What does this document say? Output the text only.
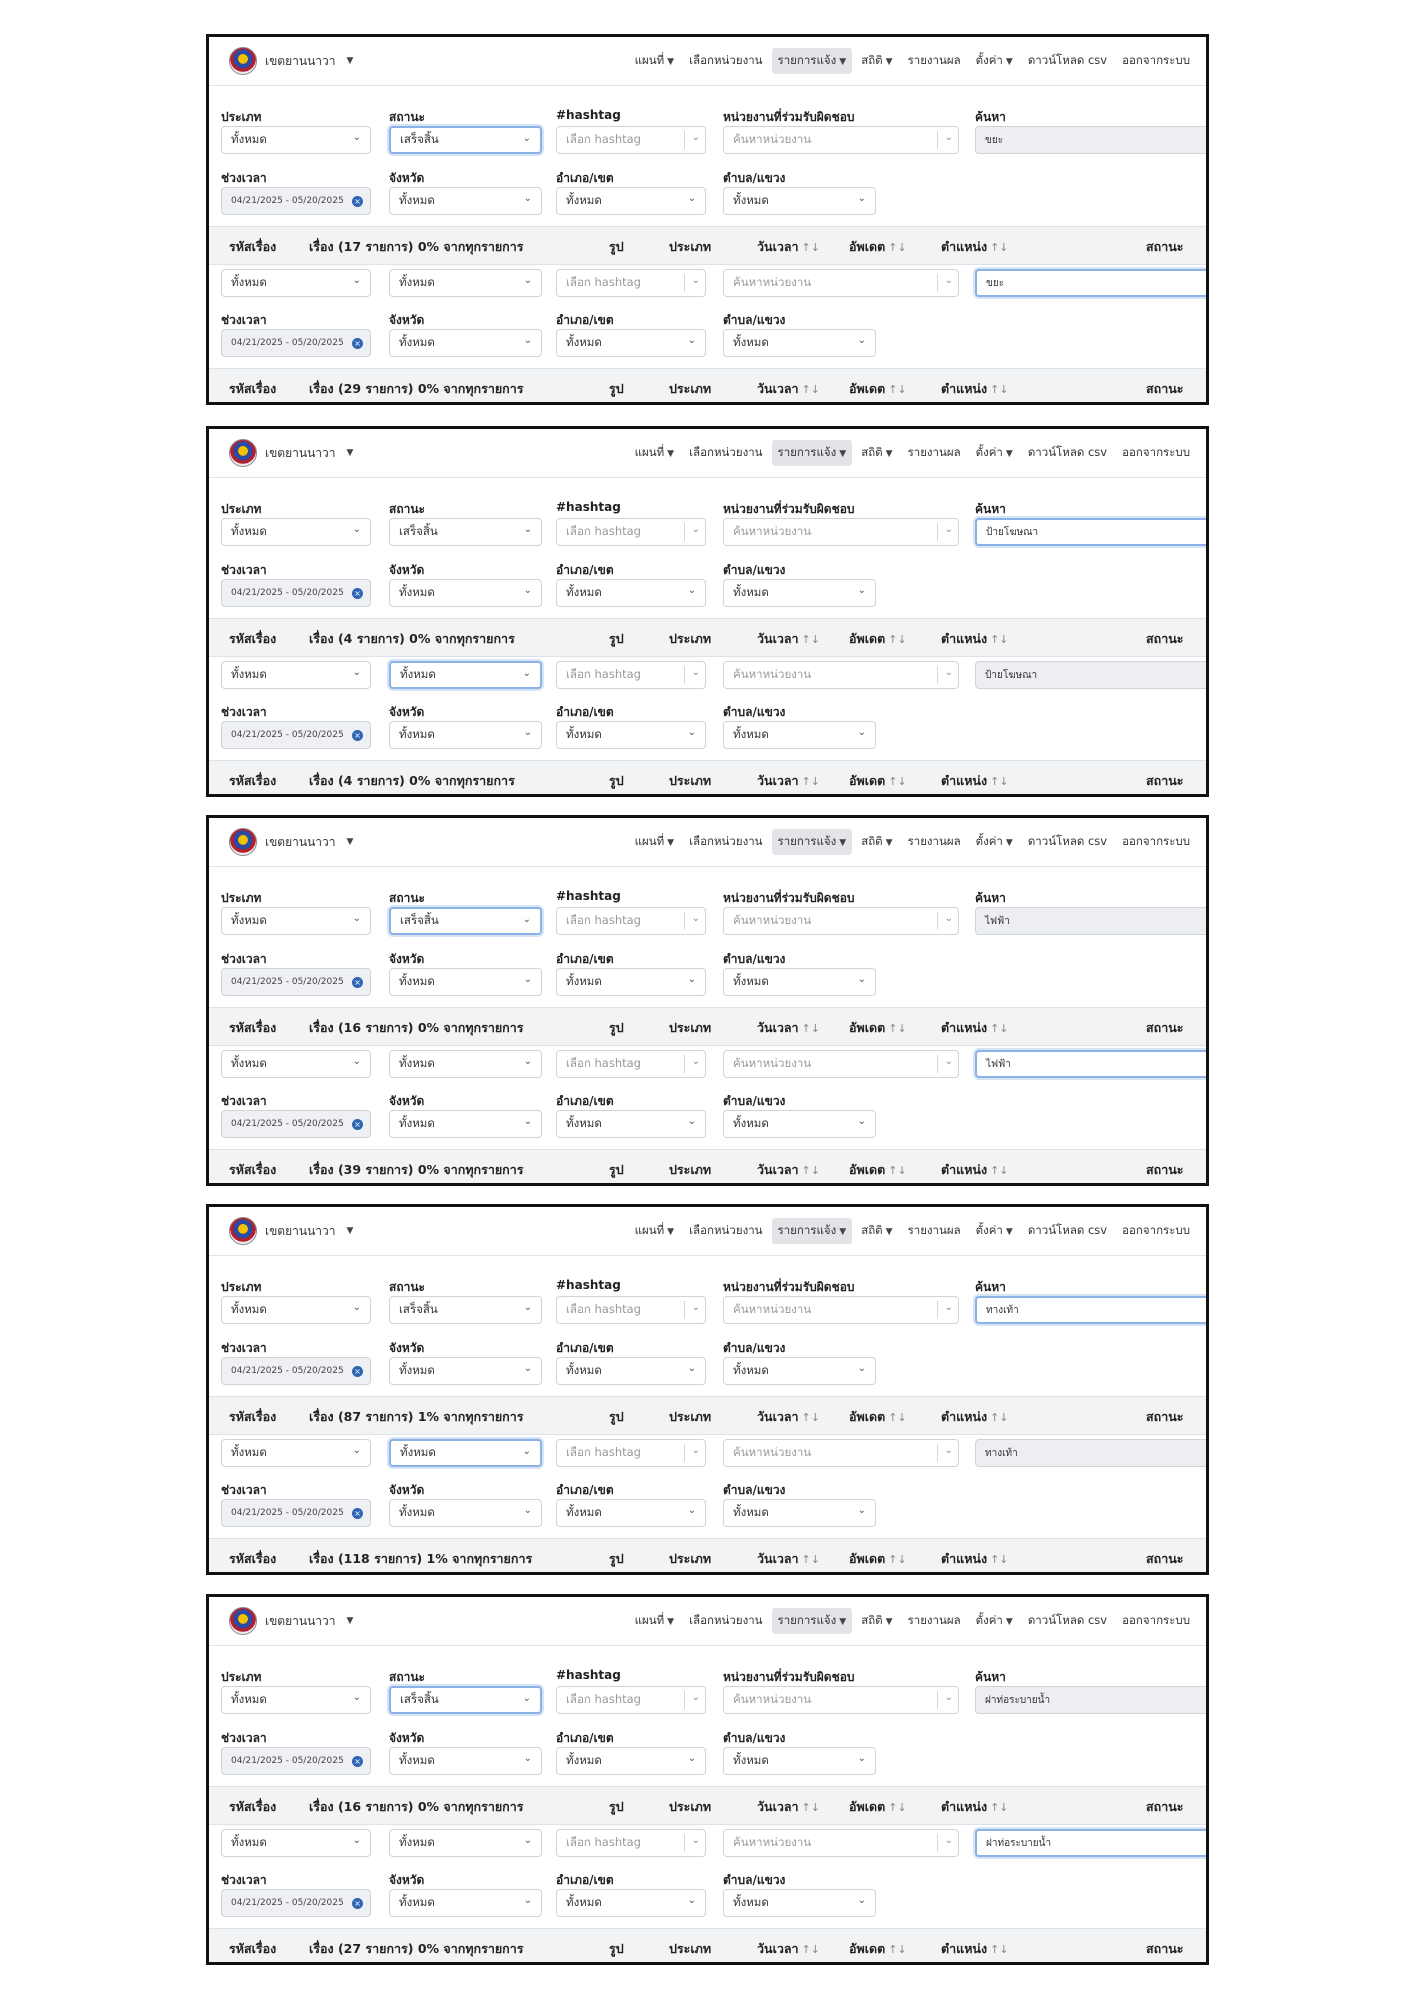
เขตยานนาวา ▼	แผนที่ ▼	เลือกหน่วยงาน	รายการแจ้ง ▼	สถิติ ▼	รายงานผล	ตั้งค่า ▼	ดาวน์โหลด csv	ออกจากระบบ
ประเภท	สถานะ	#hashtag	หน่วยงานที่ร่วมรับผิดชอบ	ค้นหา
ทั้งหมด	⌄	เสร็จสิ้น	⌄	เลือก hashtag	⌄	ค้นหาหน่วยงาน	⌄	ขยะ
ช่วงเวลา	จังหวัด	อำเภอ/เขต	ตำบล/แขวง
04/21/2025 - 05/20/2025 ×	ทั้งหมด	⌄	ทั้งหมด	⌄	ทั้งหมด	⌄
รหัสเรื่อง	เรื่อง (17 รายการ) 0% จากทุกรายการ	รูป	ประเภท	วันเวลา ↑↓ อัพเดต ↑↓	ตำแหน่ง ↑↓	สถานะ
ทั้งหมด	⌄	ทั้งหมด	⌄	เลือก hashtag	⌄	ค้นหาหน่วยงาน	⌄	ขยะ
ช่วงเวลา	จังหวัด	อำเภอ/เขต	ตำบล/แขวง
04/21/2025 - 05/20/2025 ×	ทั้งหมด	⌄	ทั้งหมด	⌄	ทั้งหมด	⌄
รหัสเรื่อง	เรื่อง (29 รายการ) 0% จากทุกรายการ	รูป	ประเภท	วันเวลา ↑↓ อัพเดต ↑↓	ตำแหน่ง ↑↓	สถานะ
เขตยานนาวา ▼	แผนที่ ▼	เลือกหน่วยงาน	รายการแจ้ง ▼	สถิติ ▼	รายงานผล	ตั้งค่า ▼	ดาวน์โหลด csv	ออกจากระบบ
ประเภท	สถานะ	#hashtag	หน่วยงานที่ร่วมรับผิดชอบ	ค้นหา
ทั้งหมด	⌄	เสร็จสิ้น	⌄	เลือก hashtag	⌄	ค้นหาหน่วยงาน	⌄	ป้ายโฆษณา
ช่วงเวลา	จังหวัด	อำเภอ/เขต	ตำบล/แขวง
04/21/2025 - 05/20/2025 ×	ทั้งหมด	⌄	ทั้งหมด	⌄	ทั้งหมด	⌄
รหัสเรื่อง	เรื่อง (4 รายการ) 0% จากทุกรายการ	รูป	ประเภท	วันเวลา ↑↓ อัพเดต ↑↓	ตำแหน่ง ↑↓	สถานะ
ทั้งหมด	⌄	ทั้งหมด	⌄	เลือก hashtag	⌄	ค้นหาหน่วยงาน	⌄	ป้ายโฆษณา
ช่วงเวลา	จังหวัด	อำเภอ/เขต	ตำบล/แขวง
04/21/2025 - 05/20/2025 ×	ทั้งหมด	⌄	ทั้งหมด	⌄	ทั้งหมด	⌄
รหัสเรื่อง	เรื่อง (4 รายการ) 0% จากทุกรายการ	รูป	ประเภท	วันเวลา ↑↓ อัพเดต ↑↓	ตำแหน่ง ↑↓	สถานะ
เขตยานนาวา ▼	แผนที่ ▼	เลือกหน่วยงาน	รายการแจ้ง ▼	สถิติ ▼	รายงานผล	ตั้งค่า ▼	ดาวน์โหลด csv	ออกจากระบบ
ประเภท	สถานะ	#hashtag	หน่วยงานที่ร่วมรับผิดชอบ	ค้นหา
ทั้งหมด	⌄	เสร็จสิ้น	⌄	เลือก hashtag	⌄	ค้นหาหน่วยงาน	⌄	ไฟฟ้า
ช่วงเวลา	จังหวัด	อำเภอ/เขต	ตำบล/แขวง
04/21/2025 - 05/20/2025 ×	ทั้งหมด	⌄	ทั้งหมด	⌄	ทั้งหมด	⌄
รหัสเรื่อง	เรื่อง (16 รายการ) 0% จากทุกรายการ	รูป	ประเภท	วันเวลา ↑↓ อัพเดต ↑↓	ตำแหน่ง ↑↓	สถานะ
ทั้งหมด	⌄	ทั้งหมด	⌄	เลือก hashtag	⌄	ค้นหาหน่วยงาน	⌄	ไฟฟ้า
ช่วงเวลา	จังหวัด	อำเภอ/เขต	ตำบล/แขวง
04/21/2025 - 05/20/2025 ×	ทั้งหมด	⌄	ทั้งหมด	⌄	ทั้งหมด	⌄
รหัสเรื่อง	เรื่อง (39 รายการ) 0% จากทุกรายการ	รูป	ประเภท	วันเวลา ↑↓ อัพเดต ↑↓	ตำแหน่ง ↑↓	สถานะ
เขตยานนาวา ▼	แผนที่ ▼	เลือกหน่วยงาน	รายการแจ้ง ▼	สถิติ ▼	รายงานผล	ตั้งค่า ▼	ดาวน์โหลด csv	ออกจากระบบ
ประเภท	สถานะ	#hashtag	หน่วยงานที่ร่วมรับผิดชอบ	ค้นหา
ทั้งหมด	⌄	เสร็จสิ้น	⌄	เลือก hashtag	⌄	ค้นหาหน่วยงาน	⌄	ทางเท้า
ช่วงเวลา	จังหวัด	อำเภอ/เขต	ตำบล/แขวง
04/21/2025 - 05/20/2025 ×	ทั้งหมด	⌄	ทั้งหมด	⌄	ทั้งหมด	⌄
รหัสเรื่อง	เรื่อง (87 รายการ) 1% จากทุกรายการ	รูป	ประเภท	วันเวลา ↑↓ อัพเดต ↑↓	ตำแหน่ง ↑↓	สถานะ
ทั้งหมด	⌄	ทั้งหมด	⌄	เลือก hashtag	⌄	ค้นหาหน่วยงาน	⌄	ทางเท้า
ช่วงเวลา	จังหวัด	อำเภอ/เขต	ตำบล/แขวง
04/21/2025 - 05/20/2025 ×	ทั้งหมด	⌄	ทั้งหมด	⌄	ทั้งหมด	⌄
รหัสเรื่อง	เรื่อง (118 รายการ) 1% จากทุกรายการ	รูป	ประเภท	วันเวลา ↑↓ อัพเดต ↑↓	ตำแหน่ง ↑↓	สถานะ
เขตยานนาวา ▼	แผนที่ ▼	เลือกหน่วยงาน	รายการแจ้ง ▼	สถิติ ▼	รายงานผล	ตั้งค่า ▼	ดาวน์โหลด csv	ออกจากระบบ
ประเภท	สถานะ	#hashtag	หน่วยงานที่ร่วมรับผิดชอบ	ค้นหา
ทั้งหมด	⌄	เสร็จสิ้น	⌄	เลือก hashtag	⌄	ค้นหาหน่วยงาน	⌄	ฝาท่อระบายน้ำ
ช่วงเวลา	จังหวัด	อำเภอ/เขต	ตำบล/แขวง
04/21/2025 - 05/20/2025 ×	ทั้งหมด	⌄	ทั้งหมด	⌄	ทั้งหมด	⌄
รหัสเรื่อง	เรื่อง (16 รายการ) 0% จากทุกรายการ	รูป	ประเภท	วันเวลา ↑↓ อัพเดต ↑↓	ตำแหน่ง ↑↓	สถานะ
ทั้งหมด	⌄	ทั้งหมด	⌄	เลือก hashtag	⌄	ค้นหาหน่วยงาน	⌄	ฝาท่อระบายน้ำ
ช่วงเวลา	จังหวัด	อำเภอ/เขต	ตำบล/แขวง
04/21/2025 - 05/20/2025 ×	ทั้งหมด	⌄	ทั้งหมด	⌄	ทั้งหมด	⌄
รหัสเรื่อง	เรื่อง (27 รายการ) 0% จากทุกรายการ	รูป	ประเภท	วันเวลา ↑↓ อัพเดต ↑↓	ตำแหน่ง ↑↓	สถานะ
